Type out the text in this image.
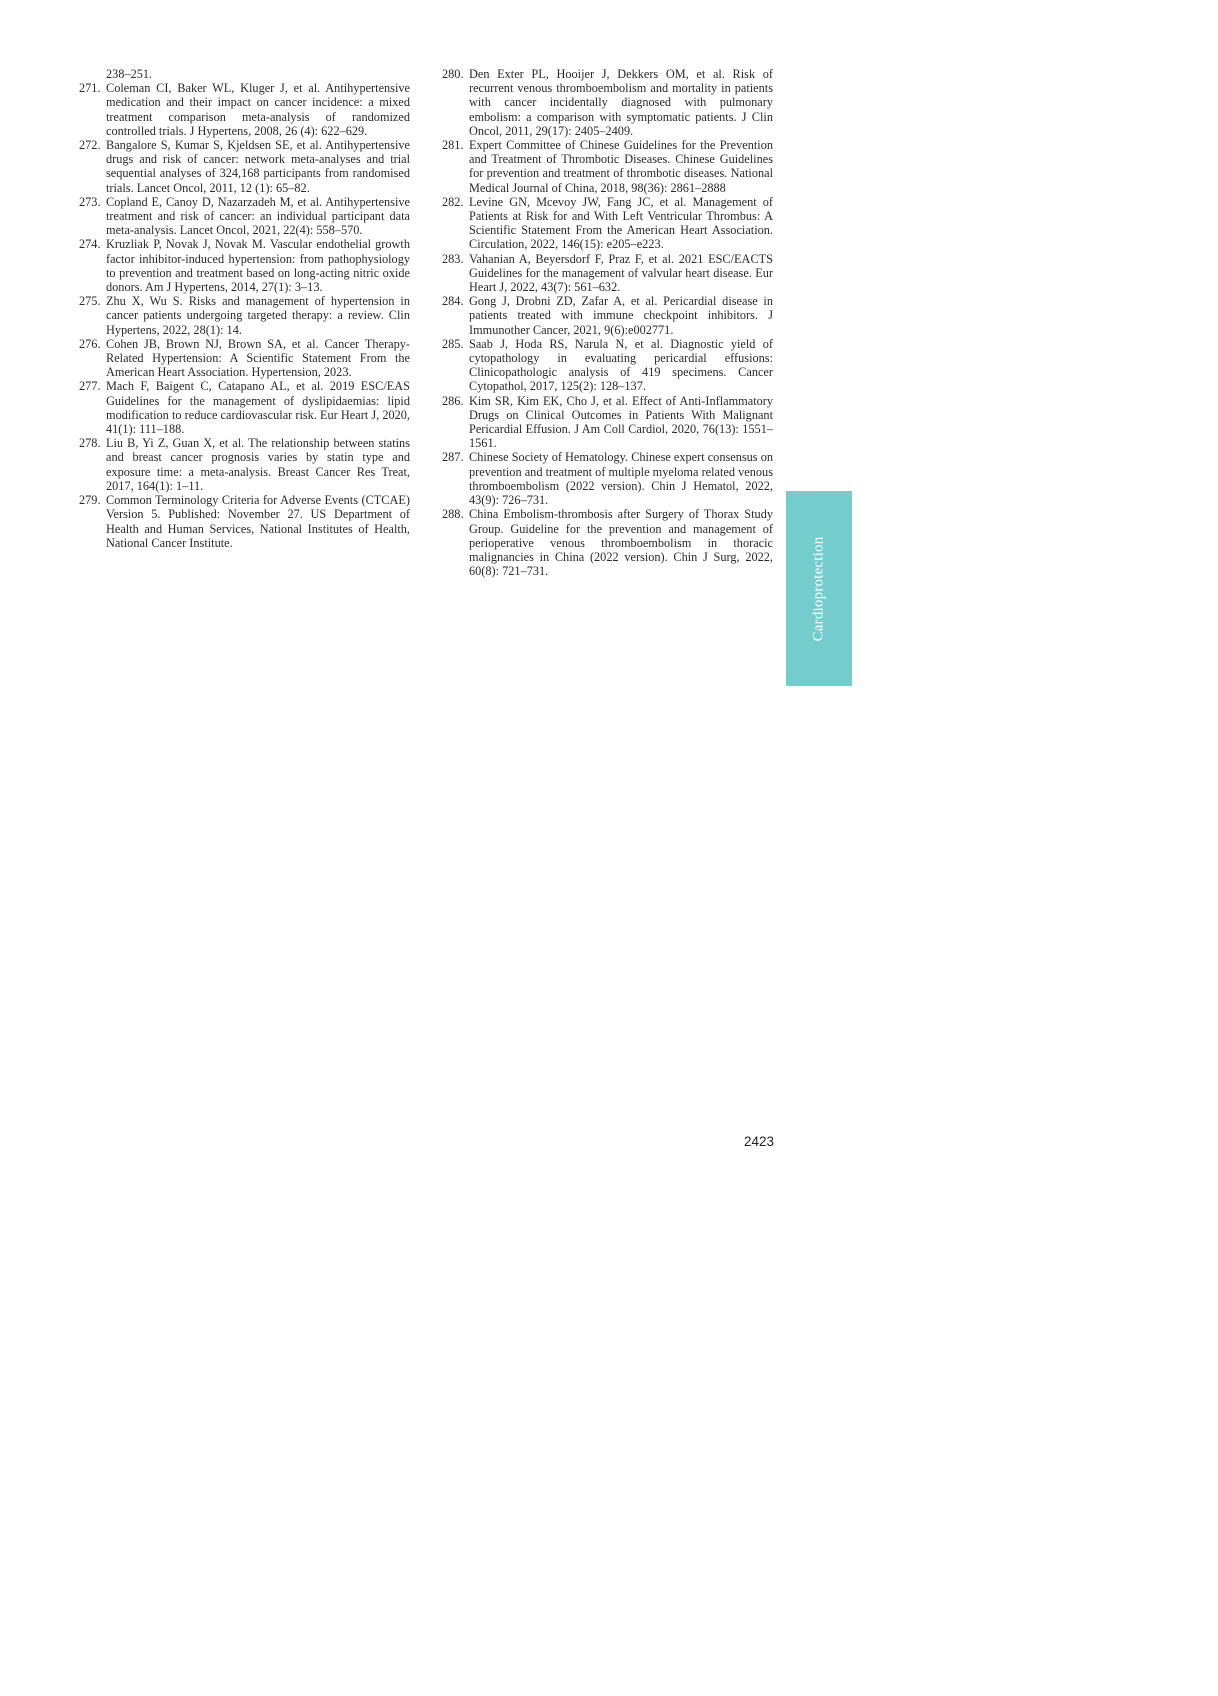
238–251.

271. Coleman CI, Baker WL, Kluger J, et al. Antihypertensive medication and their impact on cancer incidence: a mixed treatment comparison meta-analysis of randomized controlled trials. J Hypertens, 2008, 26 (4): 622–629.
272. Bangalore S, Kumar S, Kjeldsen SE, et al. Antihypertensive drugs and risk of cancer: network meta-analyses and trial sequential analyses of 324,168 participants from randomised trials. Lancet Oncol, 2011, 12 (1): 65–82.
273. Copland E, Canoy D, Nazarzadeh M, et al. Antihypertensive treatment and risk of cancer: an individual participant data meta-analysis. Lancet Oncol, 2021, 22(4): 558–570.
274. Kruzliak P, Novak J, Novak M. Vascular endothelial growth factor inhibitor-induced hypertension: from pathophysiology to prevention and treatment based on long-acting nitric oxide donors. Am J Hypertens, 2014, 27(1): 3–13.
275. Zhu X, Wu S. Risks and management of hypertension in cancer patients undergoing targeted therapy: a review. Clin Hypertens, 2022, 28(1): 14.
276. Cohen JB, Brown NJ, Brown SA, et al. Cancer Therapy-Related Hypertension: A Scientific Statement From the American Heart Association. Hypertension, 2023.
277. Mach F, Baigent C, Catapano AL, et al. 2019 ESC/EAS Guidelines for the management of dyslipidaemias: lipid modification to reduce cardiovascular risk. Eur Heart J, 2020, 41(1): 111–188.
278. Liu B, Yi Z, Guan X, et al. The relationship between statins and breast cancer prognosis varies by statin type and exposure time: a meta-analysis. Breast Cancer Res Treat, 2017, 164(1): 1–11.
279. Common Terminology Criteria for Adverse Events (CTCAE) Version 5. Published: November 27. US Department of Health and Human Services, National Institutes of Health, National Cancer Institute.
280. Den Exter PL, Hooijer J, Dekkers OM, et al. Risk of recurrent venous thromboembolism and mortality in patients with cancer incidentally diagnosed with pulmonary embolism: a comparison with symptomatic patients. J Clin Oncol, 2011, 29(17): 2405–2409.
281. Expert Committee of Chinese Guidelines for the Prevention and Treatment of Thrombotic Diseases. Chinese Guidelines for prevention and treatment of thrombotic diseases. National Medical Journal of China, 2018, 98(36): 2861–2888
282. Levine GN, Mcevoy JW, Fang JC, et al. Management of Patients at Risk for and With Left Ventricular Thrombus: A Scientific Statement From the American Heart Association. Circulation, 2022, 146(15): e205–e223.
283. Vahanian A, Beyersdorf F, Praz F, et al. 2021 ESC/EACTS Guidelines for the management of valvular heart disease. Eur Heart J, 2022, 43(7): 561–632.
284. Gong J, Drobni ZD, Zafar A, et al. Pericardial disease in patients treated with immune checkpoint inhibitors. J Immunother Cancer, 2021, 9(6):e002771.
285. Saab J, Hoda RS, Narula N, et al. Diagnostic yield of cytopathology in evaluating pericardial effusions: Clinicopathologic analysis of 419 specimens. Cancer Cytopathol, 2017, 125(2): 128–137.
286. Kim SR, Kim EK, Cho J, et al. Effect of Anti-Inflammatory Drugs on Clinical Outcomes in Patients With Malignant Pericardial Effusion. J Am Coll Cardiol, 2020, 76(13): 1551–1561.
287. Chinese Society of Hematology. Chinese expert consensus on prevention and treatment of multiple myeloma related venous thromboembolism (2022 version). Chin J Hematol, 2022, 43(9): 726–731.
288. China Embolism-thrombosis after Surgery of Thorax Study Group. Guideline for the prevention and management of perioperative venous thromboembolism in thoracic malignancies in China (2022 version). Chin J Surg, 2022, 60(8): 721–731.	Cardioprotection
2423
